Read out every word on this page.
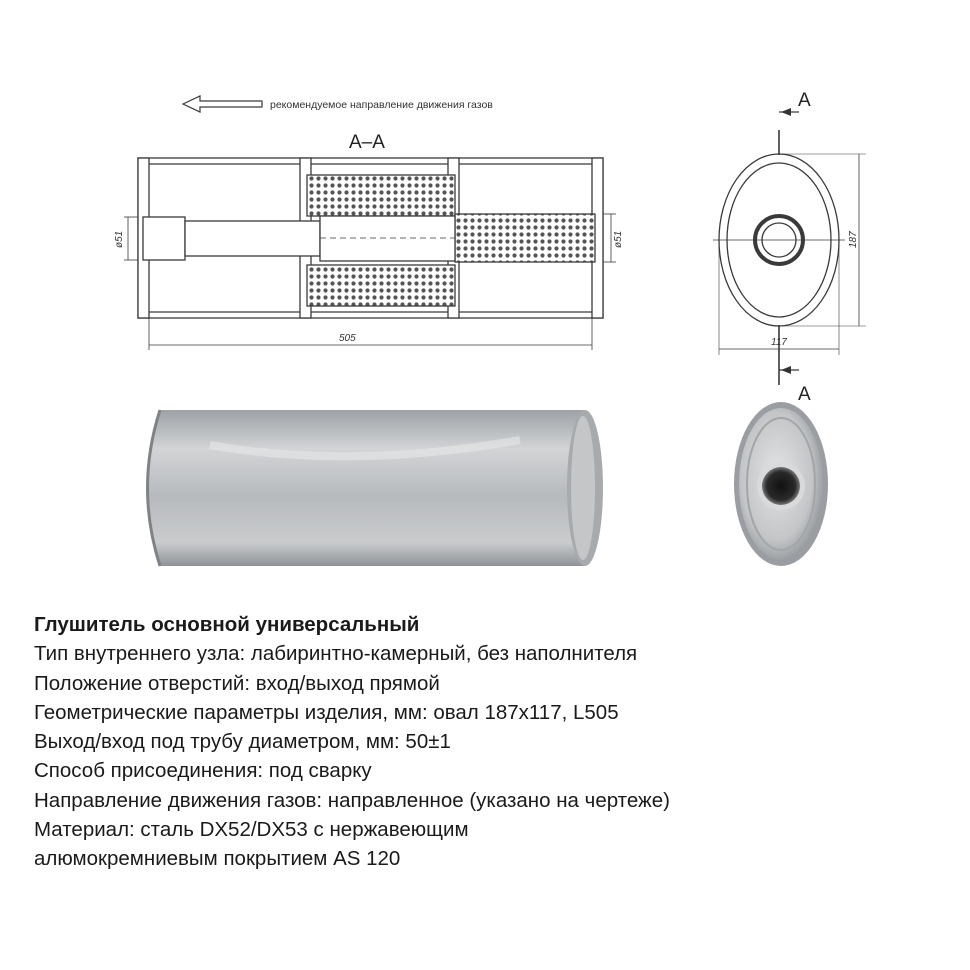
рекомендуемое направление движения газов
А–А
ø51	ø51
505
А
А
187
117
Глушитель основной универсальный
Тип внутреннего узла: лабиринтно-камерный, без наполнителя
Положение отверстий: вход/выход прямой
Геометрические параметры изделия, мм: овал 187х117, L505
Выход/вход под трубу диаметром, мм: 50±1
Способ присоединения: под сварку
Направление движения газов: направленное (указано на чертеже)
Материал: сталь DX52/DX53 с нержавеющим
алюмокремниевым покрытием AS 120
